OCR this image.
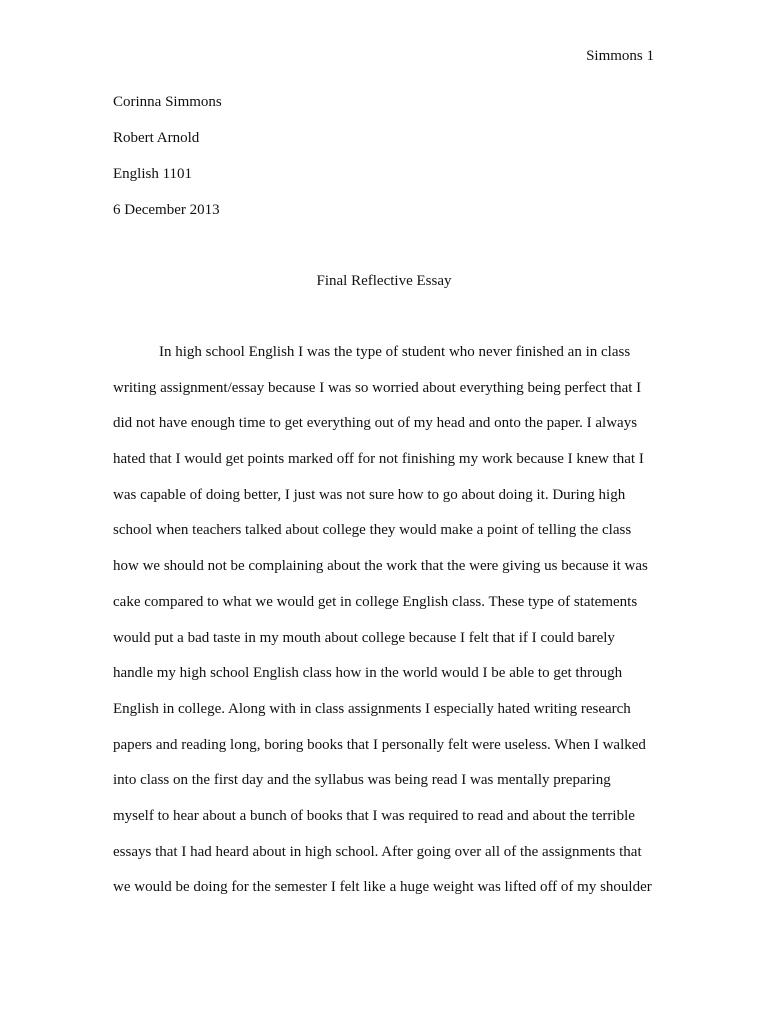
Simmons 1
Corinna Simmons
Robert Arnold
English 1101
6 December 2013
Final Reflective Essay
In high school English I was the type of student who never finished an in class
writing assignment/essay because I was so worried about everything being perfect that I
did not have enough time to get everything out of my head and onto the paper. I always
hated that I would get points marked off for not finishing my work because I knew that I
was capable of doing better, I just was not sure how to go about doing it. During high
school when teachers talked about college they would make a point of telling the class
how we should not be complaining about the work that the were giving us because it was
cake compared to what we would get in college English class. These type of statements
would put a bad taste in my mouth about college because I felt that if I could barely
handle my high school English class how in the world would I be able to get through
English in college. Along with in class assignments I especially hated writing research
papers and reading long, boring books that I personally felt were useless. When I walked
into class on the first day and the syllabus was being read I was mentally preparing
myself to hear about a bunch of books that I was required to read and about the terrible
essays that I had heard about in high school. After going over all of the assignments that
we would be doing for the semester I felt like a huge weight was lifted off of my shoulder
